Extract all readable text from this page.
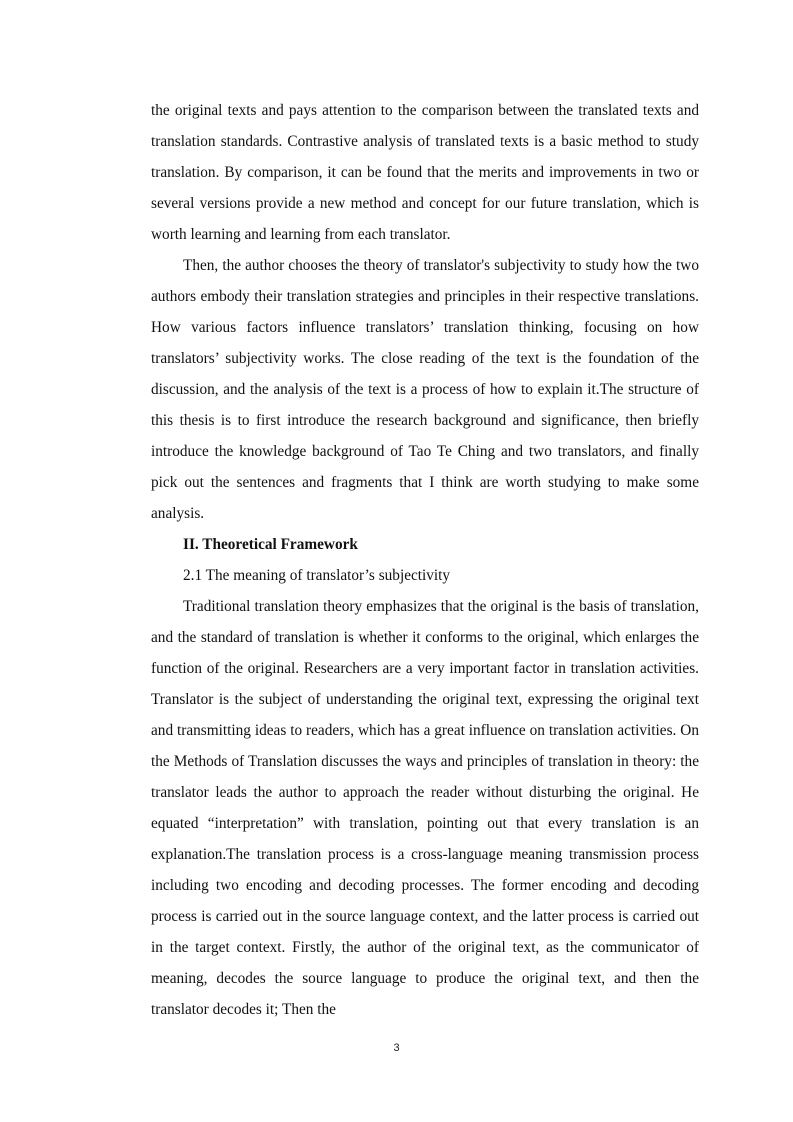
the original texts and pays attention to the comparison between the translated texts and translation standards. Contrastive analysis of translated texts is a basic method to study translation. By comparison, it can be found that the merits and improvements in two or several versions provide a new method and concept for our future translation, which is worth learning and learning from each translator.

Then, the author chooses the theory of translator's subjectivity to study how the two authors embody their translation strategies and principles in their respective translations. How various factors influence translators’ translation thinking, focusing on how translators’ subjectivity works. The close reading of the text is the foundation of the discussion, and the analysis of the text is a process of how to explain it.The structure of this thesis is to first introduce the research background and significance, then briefly introduce the knowledge background of Tao Te Ching and two translators, and finally pick out the sentences and fragments that I think are worth studying to make some analysis.

II. Theoretical Framework

2.1 The meaning of translator’s subjectivity

Traditional translation theory emphasizes that the original is the basis of translation, and the standard of translation is whether it conforms to the original, which enlarges the function of the original. Researchers are a very important factor in translation activities. Translator is the subject of understanding the original text, expressing the original text and transmitting ideas to readers, which has a great influence on translation activities. On the Methods of Translation discusses the ways and principles of translation in theory: the translator leads the author to approach the reader without disturbing the original. He equated “interpretation” with translation, pointing out that every translation is an explanation.The translation process is a cross-language meaning transmission process including two encoding and decoding processes. The former encoding and decoding process is carried out in the source language context, and the latter process is carried out in the target context. Firstly, the author of the original text, as the communicator of meaning, decodes the source language to produce the original text, and then the translator decodes it; Then the

3
